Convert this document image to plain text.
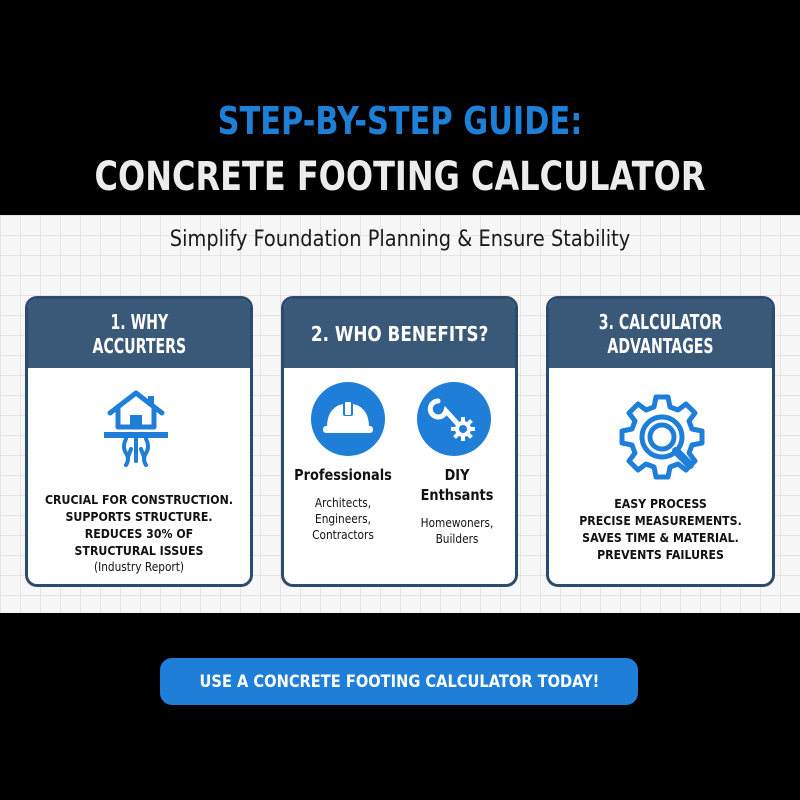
STEP-BY-STEP GUIDE:
CONCRETE FOOTING CALCULATOR
Simplify Foundation Planning & Ensure Stability
1. WHY
ACCURTERS
CRUCIAL FOR CONSTRUCTION.
SUPPORTS STRUCTURE.
REDUCES 30% OF
STRUCTURAL ISSUES
(Industry Report)
2. WHO BENEFITS?
Professionals
Architects, Engineers,
Contractors
DIY Enthsants
Homewoners,
Builders
3. CALCULATOR
ADVANTAGES
EASY PROCESS
PRECISE MEASUREMENTS.
SAVES TIME & MATERIAL.
PREVENTS FAILURES
USE A CONCRETE FOOTING CALCULATOR TODAY!
